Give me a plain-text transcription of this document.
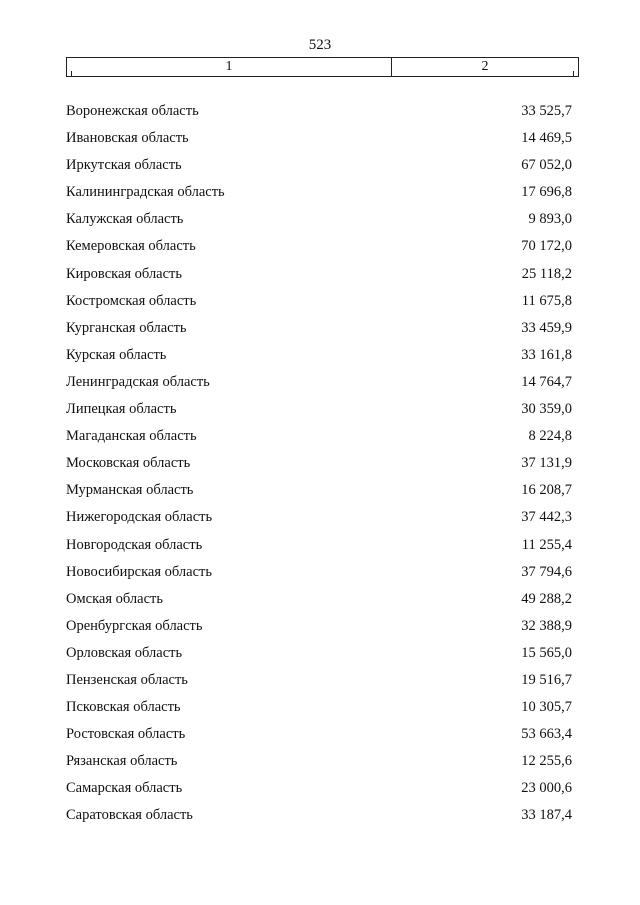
523
1	2
Воронежская область	33 525,7
Ивановская область	14 469,5
Иркутская область	67 052,0
Калининградская область	17 696,8
Калужская область	9 893,0
Кемеровская область	70 172,0
Кировская область	25 118,2
Костромская область	11 675,8
Курганская область	33 459,9
Курская область	33 161,8
Ленинградская область	14 764,7
Липецкая область	30 359,0
Магаданская область	8 224,8
Московская область	37 131,9
Мурманская область	16 208,7
Нижегородская область	37 442,3
Новгородская область	11 255,4
Новосибирская область	37 794,6
Омская область	49 288,2
Оренбургская область	32 388,9
Орловская область	15 565,0
Пензенская область	19 516,7
Псковская область	10 305,7
Ростовская область	53 663,4
Рязанская область	12 255,6
Самарская область	23 000,6
Саратовская область	33 187,4
